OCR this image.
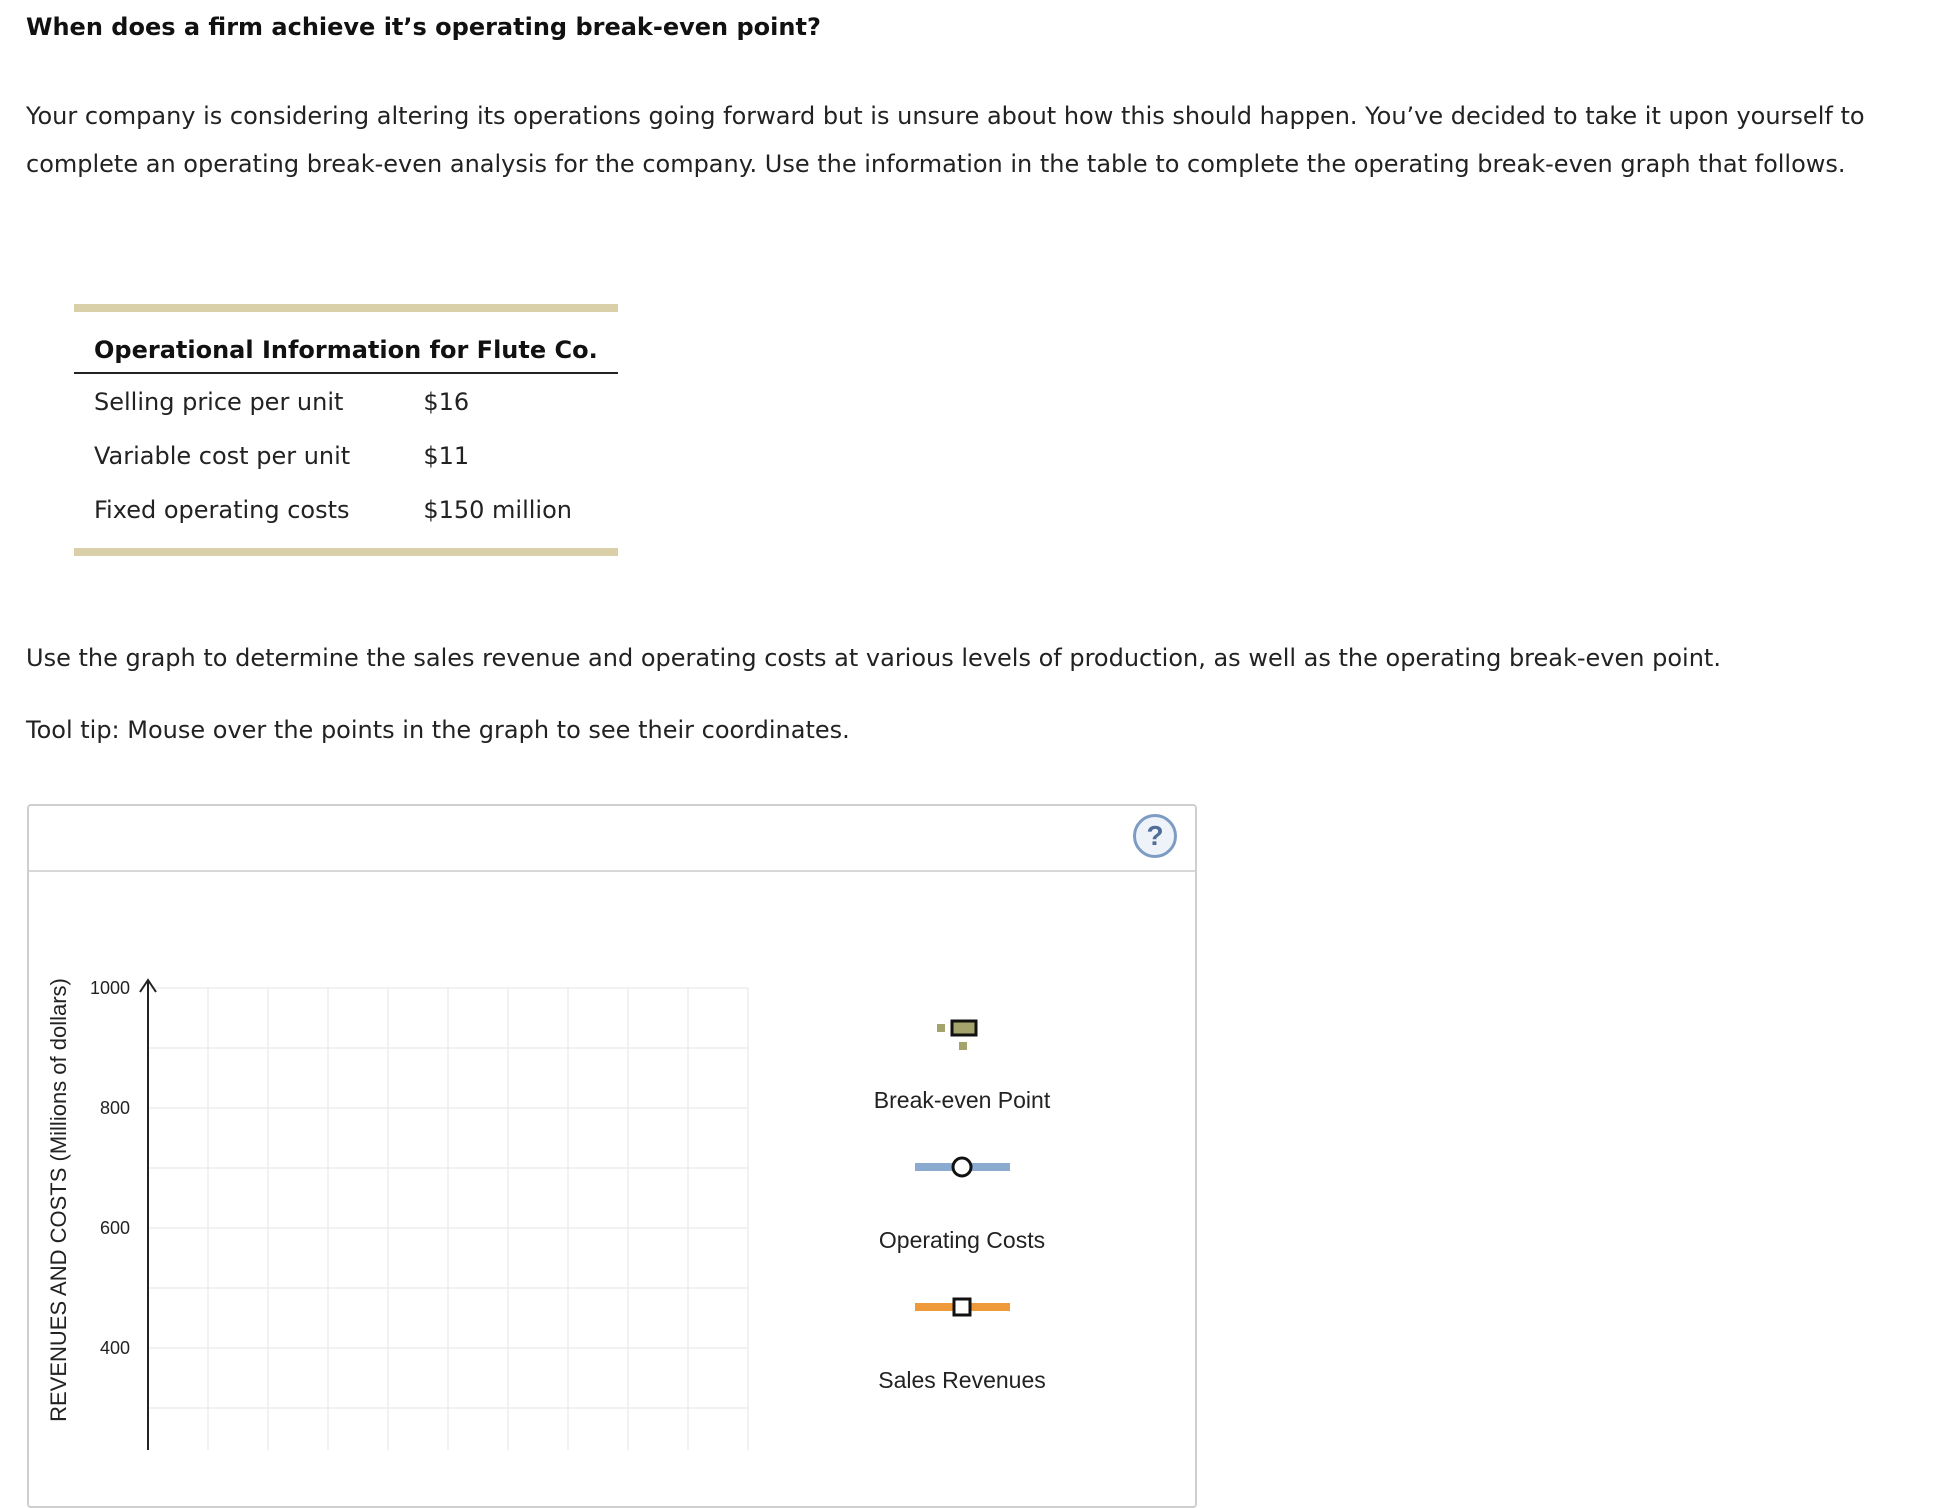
When does a firm achieve it’s operating break-even point?

Your company is considering altering its operations going forward but is unsure about how this should happen. You’ve decided to take it upon yourself to complete an operating break-even analysis for the company. Use the information in the table to complete the operating break-even graph that follows.

Operational Information for Flute Co.	
Selling price per unit	$16
Variable cost per unit	$11
Fixed operating costs	$150 million

Use the graph to determine the sales revenue and operating costs at various levels of production, as well as the operating break-even point.

Tool tip: Mouse over the points in the graph to see their coordinates.

?
400
600
800
1000
REVENUES AND COSTS (Millions of dollars)	Break-even Point
Operating Costs
Sales Revenues
